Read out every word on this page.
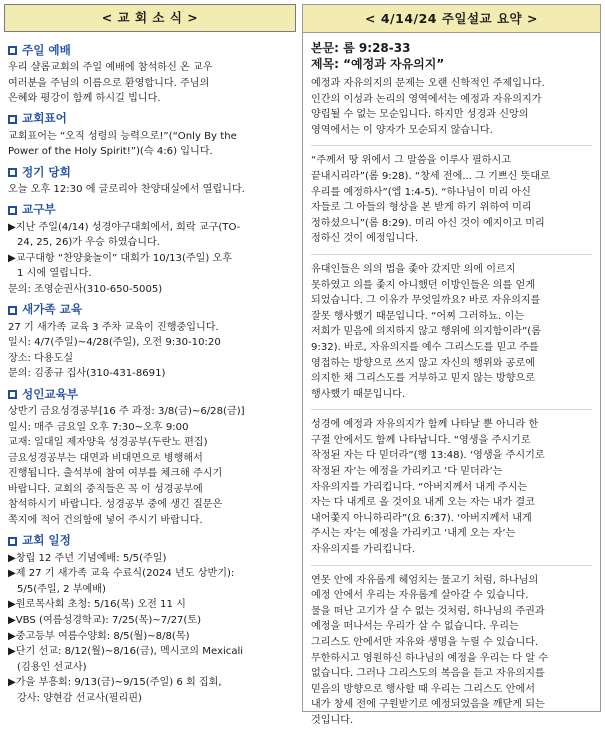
< 교 회 소 식 >
주일 예배
우리 샬롬교회의 주일 예배에 참석하신 온 교우
여러분을 주님의 이름으로 환영합니다. 주님의
은혜와 평강이 함께 하시길 빕니다.
교회표어
교회표어는 “오직 성령의 능력으로!”(“Only By the
Power of the Holy Spirit!”)(슥 4:6) 입니다.
정기 당회
오늘 오후 12:30 에 글로리아 찬양대실에서 열립니다.
교구부
▶지난 주일(4/14) 성경야구대회에서, 희락 교구(TO-
24, 25, 26)가 우승 하였습니다.
▶교구대항 “찬양윷놀이” 대회가 10/13(주일) 오후
1 시에 열립니다.
문의: 조영순권사(310-650-5005)
새가족 교육
27 기 새가족 교육 3 주차 교육이 진행중입니다.
일시: 4/7(주일)~4/28(주일), 오전 9:30-10:20
장소: 다용도실
문의: 김종규 집사(310-431-8691)
성인교육부
상반기 금요성경공부[16 주 과정: 3/8(금)~6/28(금)]
일시: 매주 금요일 오후 7:30~오후 9:00
교재: 일대일 제자양육 성경공부(두란노 편집)
금요성경공부는 대면과 비대면으로 병행해서
진행됩니다. 출석부에 참여 여부를 체크해 주시기
바랍니다. 교회의 중직들은 꼭 이 성경공부에
참석하시기 바랍니다. 성경공부 중에 생긴 질문은
쪽지에 적어 건의함에 넣어 주시기 바랍니다.
교회 일정
▶창립 12 주년 기념예배: 5/5(주일)
▶제 27 기 새가족 교육 수료식(2024 년도 상반기):
5/5(주일, 2 부예배)
▶원로목사회 초청: 5/16(목) 오전 11 시
▶VBS (여름성경학교): 7/25(목)~7/27(토)
▶중고등부 여름수양회: 8/5(월)~8/8(목)
▶단기 선교: 8/12(월)~8/16(금), 멕시코의 Mexicali
(김용인 선교사)
▶가을 부흥회: 9/13(금)~9/15(주일) 6 회 집회,
강사: 양현감 선교사(필리핀)
< 4/14/24 주일설교 요약 >
본문: 롬 9:28-33
제목: “예정과 자유의지”
예정과 자유의지의 문제는 오랜 신학적인 주제입니다.
인간의 이성과 논리의 영역에서는 예정과 자유의지가
양립될 수 없는 모순입니다. 하지만 성경과 신앙의
영역에서는 이 양자가 모순되지 않습니다.
“주께서 땅 위에서 그 말씀을 이루사 필하시고
끝내시리라”(롬 9:28). “창세 전에... 그 기쁘신 뜻대로
우리를 예정하사”(엡 1:4-5). “하나님이 미리 아신
자들로 그 아들의 형상을 본 받게 하기 위하여 미리
정하셨으니”(롬 8:29). 미리 아신 것이 예지이고 미리
정하신 것이 예정입니다.
유대인들은 의의 법을 좇아 갔지만 의에 이르지
못하였고 의를 좇지 아니했던 이방인들은 의를 얻게
되었습니다. 그 이유가 무엇일까요? 바로 자유의지를
잘못 행사했기 때문입니다. “어찌 그러하뇨. 이는
저희가 믿음에 의지하지 않고 행위에 의지함이라”(롬
9:32). 바로, 자유의지를 예수 그리스도를 믿고 주를
영접하는 방향으로 쓰지 않고 자신의 행위와 공로에
의지한 채 그리스도를 거부하고 믿지 않는 방향으로
행사했기 때문입니다.
성경에 예정과 자유의지가 함께 나타날 뿐 아니라 한
구절 안에서도 함께 나타납니다. “영생을 주시기로
작정된 자는 다 믿더라”(행 13:48). ‘영생을 주시기로
작정된 자’는 예정을 가리키고 ‘다 믿더라’는
자유의지를 가리킵니다. “아버지께서 내게 주시는
자는 다 내게로 올 것이요 내게 오는 자는 내가 결코
내어쫓지 아니하리라”(요 6:37). ‘아버지께서 내게
주시는 자’는 예정을 가리키고 ‘내게 오는 자’는
자유의지를 가리킵니다.
연못 안에 자유롭게 헤엄치는 물고기 처럼, 하나님의
예정 안에서 우리는 자유롭게 살아갈 수 있습니다.
물을 떠난 고기가 살 수 없는 것처럼, 하나님의 주권과
예정을 떠나서는 우리가 살 수 없습니다. 우리는
그리스도 안에서만 자유와 생명을 누릴 수 있습니다.
무한하시고 영원하신 하나님의 예정을 우리는 다 알 수
없습니다. 그러나 그리스도의 복음을 듣고 자유의지를
믿음의 방향으로 행사할 때 우리는 그리스도 안에서
내가 창세 전에 구원받기로 예정되었음을 깨닫게 되는
것입니다.
